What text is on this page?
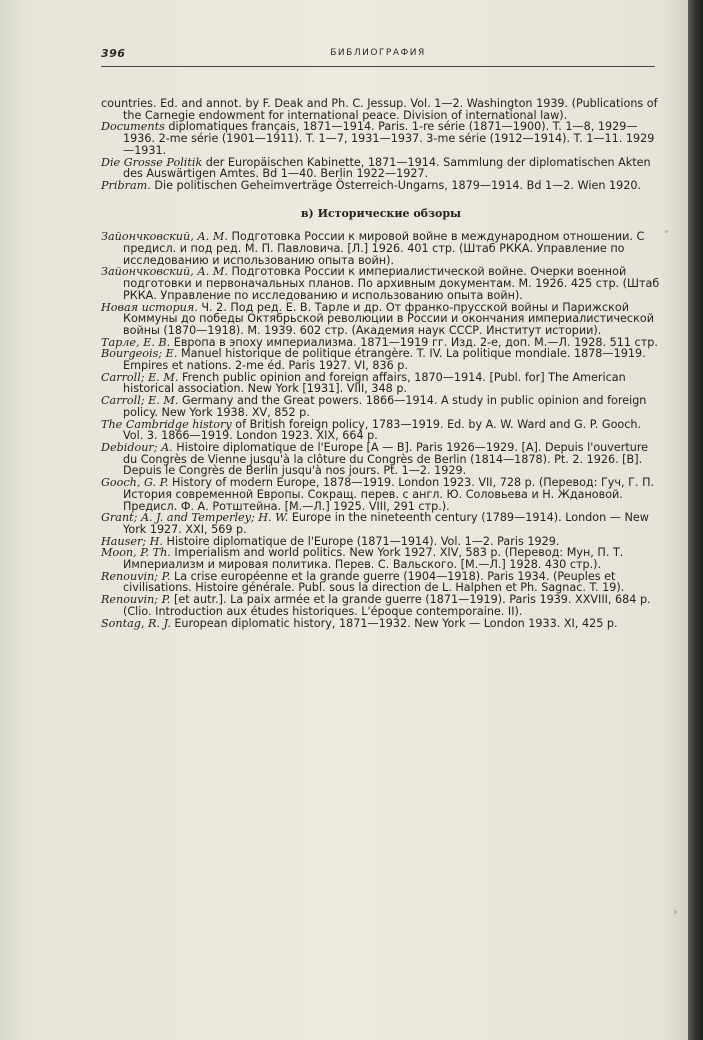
396	БИБЛИОГРАФИЯ

countries. Ed. and annot. by F. Deak and Ph. C. Jessup. Vol. 1—2. Washington 1939. (Publications of the Carnegie endowment for international peace. Division of international law).

Documents diplomatiques français, 1871—1914. Paris. 1-re série (1871—1900). T. 1—8, 1929—1936. 2-me série (1901—1911). T. 1—7, 1931—1937. 3-me série (1912—1914). T. 1—11. 1929—1931.

Die Grosse Politik der Europäischen Kabinette, 1871—1914. Sammlung der diplomatischen Akten des Auswärtigen Amtes. Bd 1—40. Berlin 1922—1927.

Pribram. Die politischen Geheimverträge Österreich-Ungarns, 1879—1914. Bd 1—2. Wien 1920.

в) Исторические обзоры

Зайончковский, А. М. Подготовка России к мировой войне в международном отношении. С предисл. и под ред. М. П. Павловича. [Л.] 1926. 401 стр. (Штаб РККА. Управление по исследованию и использованию опыта войн).

Зайончковский, А. М. Подготовка России к империалистической войне. Очерки военной подготовки и первоначальных планов. По архивным документам. М. 1926. 425 стр. (Штаб РККА. Управление по исследованию и использованию опыта войн).

Новая история. Ч. 2. Под ред. Е. В. Тарле и др. От франко-прусской войны и Парижской Коммуны до победы Октябрьской революции в России и окончания империалистической войны (1870—1918). М. 1939. 602 стр. (Академия наук СССР. Институт истории).

Тарле, Е. В. Европа в эпоху империализма. 1871—1919 гг. Изд. 2-е, доп. М.—Л. 1928. 511 стр.

Bourgeois; E. Manuel historique de politique étrangère. T. IV. La politique mondiale. 1878—1919. Empires et nations. 2-me éd. Paris 1927. VI, 836 p.

Carroll; E. M. French public opinion and foreign affairs, 1870—1914. [Publ. for] The American historical association. New York [1931]. VIII, 348 p.

Carroll; E. M. Germany and the Great powers. 1866—1914. A study in public opinion and foreign policy. New York 1938. XV, 852 p.

The Cambridge history of British foreign policy, 1783—1919. Ed. by A. W. Ward and G. P. Gooch. Vol. 3. 1866—1919. London 1923. XIX, 664 p.

Debidour; A. Histoire diplomatique de l'Europe [A — B]. Paris 1926—1929. [A]. Depuis l'ouverture du Congrès de Vienne jusqu'à la clôture du Congrès de Berlin (1814—1878). Pt. 2. 1926. [B]. Depuis le Congrès de Berlin jusqu'à nos jours. Pt. 1—2. 1929.

Gooch, G. P. History of modern Europe, 1878—1919. London 1923. VII, 728 p. (Перевод: Гуч, Г. П. История современной Европы. Сокращ. перев. с англ. Ю. Соловьева и Н. Ждановой. Предисл. Ф. А. Ротштейна. [М.—Л.] 1925. VIII, 291 стр.).

Grant; A. J. and Temperley; H. W. Europe in the nineteenth century (1789—1914). London — New York 1927. XXI, 569 p.

Hauser; H. Histoire diplomatique de l'Europe (1871—1914). Vol. 1—2. Paris 1929.

Moon, P. Th. Imperialism and world politics. New York 1927. XIV, 583 p. (Перевод: Мун, П. Т. Империализм и мировая политика. Перев. С. Вальского. [М.—Л.] 1928. 430 стр.).

Renouvin; P. La crise européenne et la grande guerre (1904—1918). Paris 1934. (Peuples et civilisations. Histoire générale. Publ. sous la direction de L. Halphen et Ph. Sagnac. T. 19).

Renouvin; P. [et autr.]. La paix armée et la grande guerre (1871—1919). Paris 1939. XXVIII, 684 p. (Clio. Introduction aux études historiques. L'époque contemporaine. II).

Sontag, R. J. European diplomatic history, 1871—1932. New York — London 1933. XI, 425 p.
